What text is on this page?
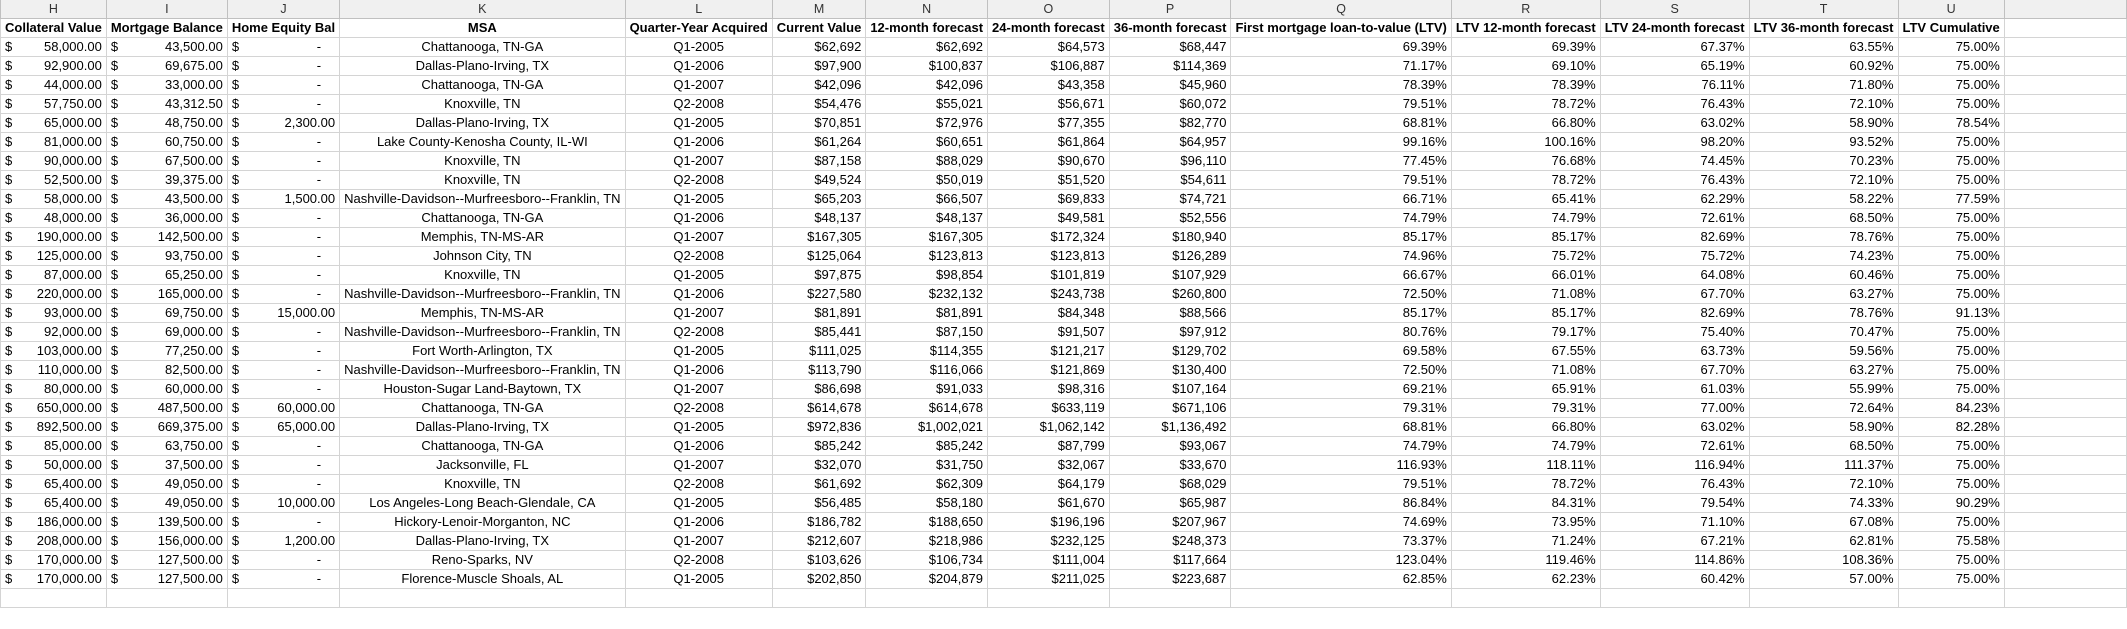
H	I	J	K	L	M	N	O	P	Q	R	S	T	U	
Collateral Value	Mortgage Balance	Home Equity Bal	MSA	Quarter-Year Acquired	Current Value	12-month forecast	24-month forecast	36-month forecast	First mortgage loan-to-value (LTV)	LTV 12-month forecast	LTV 24-month forecast	LTV 36-month forecast	LTV Cumulative	

$ 58,000.00	$ 43,500.00	$ -	Chattanooga, TN-GA	Q1-2005	$62,692	$62,692	$64,573	$68,447	69.39%	69.39%	67.37%	63.55%	75.00%	

$ 92,900.00	$ 69,675.00	$ -	Dallas-Plano-Irving, TX	Q1-2006	$97,900	$100,837	$106,887	$114,369	71.17%	69.10%	65.19%	60.92%	75.00%	

$ 44,000.00	$ 33,000.00	$ -	Chattanooga, TN-GA	Q1-2007	$42,096	$42,096	$43,358	$45,960	78.39%	78.39%	76.11%	71.80%	75.00%	

$ 57,750.00	$ 43,312.50	$ -	Knoxville, TN	Q2-2008	$54,476	$55,021	$56,671	$60,072	79.51%	78.72%	76.43%	72.10%	75.00%	

$ 65,000.00	$ 48,750.00	$ 2,300.00	Dallas-Plano-Irving, TX	Q1-2005	$70,851	$72,976	$77,355	$82,770	68.81%	66.80%	63.02%	58.90%	78.54%	

$ 81,000.00	$ 60,750.00	$ -	Lake County-Kenosha County, IL-WI	Q1-2006	$61,264	$60,651	$61,864	$64,957	99.16%	100.16%	98.20%	93.52%	75.00%	

$ 90,000.00	$ 67,500.00	$ -	Knoxville, TN	Q1-2007	$87,158	$88,029	$90,670	$96,110	77.45%	76.68%	74.45%	70.23%	75.00%	

$ 52,500.00	$ 39,375.00	$ -	Knoxville, TN	Q2-2008	$49,524	$50,019	$51,520	$54,611	79.51%	78.72%	76.43%	72.10%	75.00%	

$ 58,000.00	$ 43,500.00	$ 1,500.00	Nashville-Davidson--Murfreesboro--Franklin, TN	Q1-2005	$65,203	$66,507	$69,833	$74,721	66.71%	65.41%	62.29%	58.22%	77.59%	

$ 48,000.00	$ 36,000.00	$ -	Chattanooga, TN-GA	Q1-2006	$48,137	$48,137	$49,581	$52,556	74.79%	74.79%	72.61%	68.50%	75.00%	

$ 190,000.00	$ 142,500.00	$ -	Memphis, TN-MS-AR	Q1-2007	$167,305	$167,305	$172,324	$180,940	85.17%	85.17%	82.69%	78.76%	75.00%	

$ 125,000.00	$ 93,750.00	$ -	Johnson City, TN	Q2-2008	$125,064	$123,813	$123,813	$126,289	74.96%	75.72%	75.72%	74.23%	75.00%	

$ 87,000.00	$ 65,250.00	$ -	Knoxville, TN	Q1-2005	$97,875	$98,854	$101,819	$107,929	66.67%	66.01%	64.08%	60.46%	75.00%	

$ 220,000.00	$ 165,000.00	$ -	Nashville-Davidson--Murfreesboro--Franklin, TN	Q1-2006	$227,580	$232,132	$243,738	$260,800	72.50%	71.08%	67.70%	63.27%	75.00%	

$ 93,000.00	$ 69,750.00	$ 15,000.00	Memphis, TN-MS-AR	Q1-2007	$81,891	$81,891	$84,348	$88,566	85.17%	85.17%	82.69%	78.76%	91.13%	

$ 92,000.00	$ 69,000.00	$ -	Nashville-Davidson--Murfreesboro--Franklin, TN	Q2-2008	$85,441	$87,150	$91,507	$97,912	80.76%	79.17%	75.40%	70.47%	75.00%	

$ 103,000.00	$ 77,250.00	$ -	Fort Worth-Arlington, TX	Q1-2005	$111,025	$114,355	$121,217	$129,702	69.58%	67.55%	63.73%	59.56%	75.00%	

$ 110,000.00	$ 82,500.00	$ -	Nashville-Davidson--Murfreesboro--Franklin, TN	Q1-2006	$113,790	$116,066	$121,869	$130,400	72.50%	71.08%	67.70%	63.27%	75.00%	

$ 80,000.00	$ 60,000.00	$ -	Houston-Sugar Land-Baytown, TX	Q1-2007	$86,698	$91,033	$98,316	$107,164	69.21%	65.91%	61.03%	55.99%	75.00%	

$ 650,000.00	$ 487,500.00	$ 60,000.00	Chattanooga, TN-GA	Q2-2008	$614,678	$614,678	$633,119	$671,106	79.31%	79.31%	77.00%	72.64%	84.23%	

$ 892,500.00	$ 669,375.00	$ 65,000.00	Dallas-Plano-Irving, TX	Q1-2005	$972,836	$1,002,021	$1,062,142	$1,136,492	68.81%	66.80%	63.02%	58.90%	82.28%	

$ 85,000.00	$ 63,750.00	$ -	Chattanooga, TN-GA	Q1-2006	$85,242	$85,242	$87,799	$93,067	74.79%	74.79%	72.61%	68.50%	75.00%	

$ 50,000.00	$ 37,500.00	$ -	Jacksonville, FL	Q1-2007	$32,070	$31,750	$32,067	$33,670	116.93%	118.11%	116.94%	111.37%	75.00%	

$ 65,400.00	$ 49,050.00	$ -	Knoxville, TN	Q2-2008	$61,692	$62,309	$64,179	$68,029	79.51%	78.72%	76.43%	72.10%	75.00%	

$ 65,400.00	$ 49,050.00	$ 10,000.00	Los Angeles-Long Beach-Glendale, CA	Q1-2005	$56,485	$58,180	$61,670	$65,987	86.84%	84.31%	79.54%	74.33%	90.29%	

$ 186,000.00	$ 139,500.00	$ -	Hickory-Lenoir-Morganton, NC	Q1-2006	$186,782	$188,650	$196,196	$207,967	74.69%	73.95%	71.10%	67.08%	75.00%	

$ 208,000.00	$ 156,000.00	$ 1,200.00	Dallas-Plano-Irving, TX	Q1-2007	$212,607	$218,986	$232,125	$248,373	73.37%	71.24%	67.21%	62.81%	75.58%	

$ 170,000.00	$ 127,500.00	$ -	Reno-Sparks, NV	Q2-2008	$103,626	$106,734	$111,004	$117,664	123.04%	119.46%	114.86%	108.36%	75.00%	

$ 170,000.00	$ 127,500.00	$ -	Florence-Muscle Shoals, AL	Q1-2005	$202,850	$204,879	$211,025	$223,687	62.85%	62.23%	60.42%	57.00%	75.00%	
